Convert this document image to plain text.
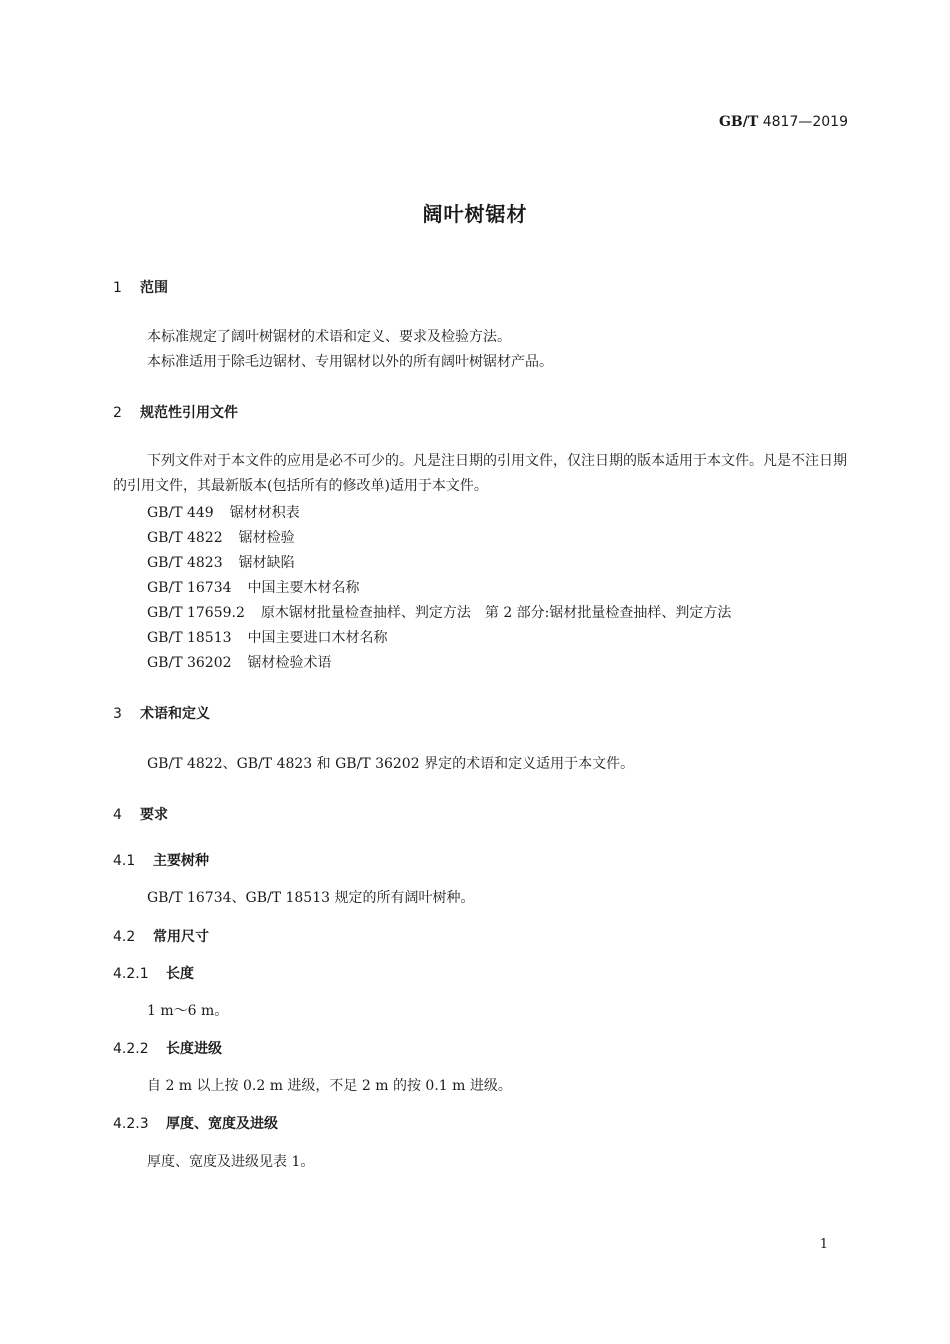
GB/T 4817—2019
阔叶树锯材
1 范围
本标准规定了阔叶树锯材的术语和定义、要求及检验方法。
本标准适用于除毛边锯材、专用锯材以外的所有阔叶树锯材产品。
2 规范性引用文件
下列文件对于本文件的应用是必不可少的。凡是注日期的引用文件，仅注日期的版本适用于本文件。凡是不注日期的引用文件，其最新版本(包括所有的修改单)适用于本文件。
GB/T 449 锯材材积表
GB/T 4822 锯材检验
GB/T 4823 锯材缺陷
GB/T 16734 中国主要木材名称
GB/T 17659.2 原木锯材批量检查抽样、判定方法　第 2 部分:锯材批量检查抽样、判定方法
GB/T 18513 中国主要进口木材名称
GB/T 36202 锯材检验术语
3 术语和定义
GB/T 4822、GB/T 4823 和 GB/T 36202 界定的术语和定义适用于本文件。
4 要求
4.1 主要树种
GB/T 16734、GB/T 18513 规定的所有阔叶树种。
4.2 常用尺寸
4.2.1 长度
1 m～6 m。
4.2.2 长度进级
自 2 m 以上按 0.2 m 进级，不足 2 m 的按 0.1 m 进级。
4.2.3 厚度、宽度及进级
厚度、宽度及进级见表 1。
1
